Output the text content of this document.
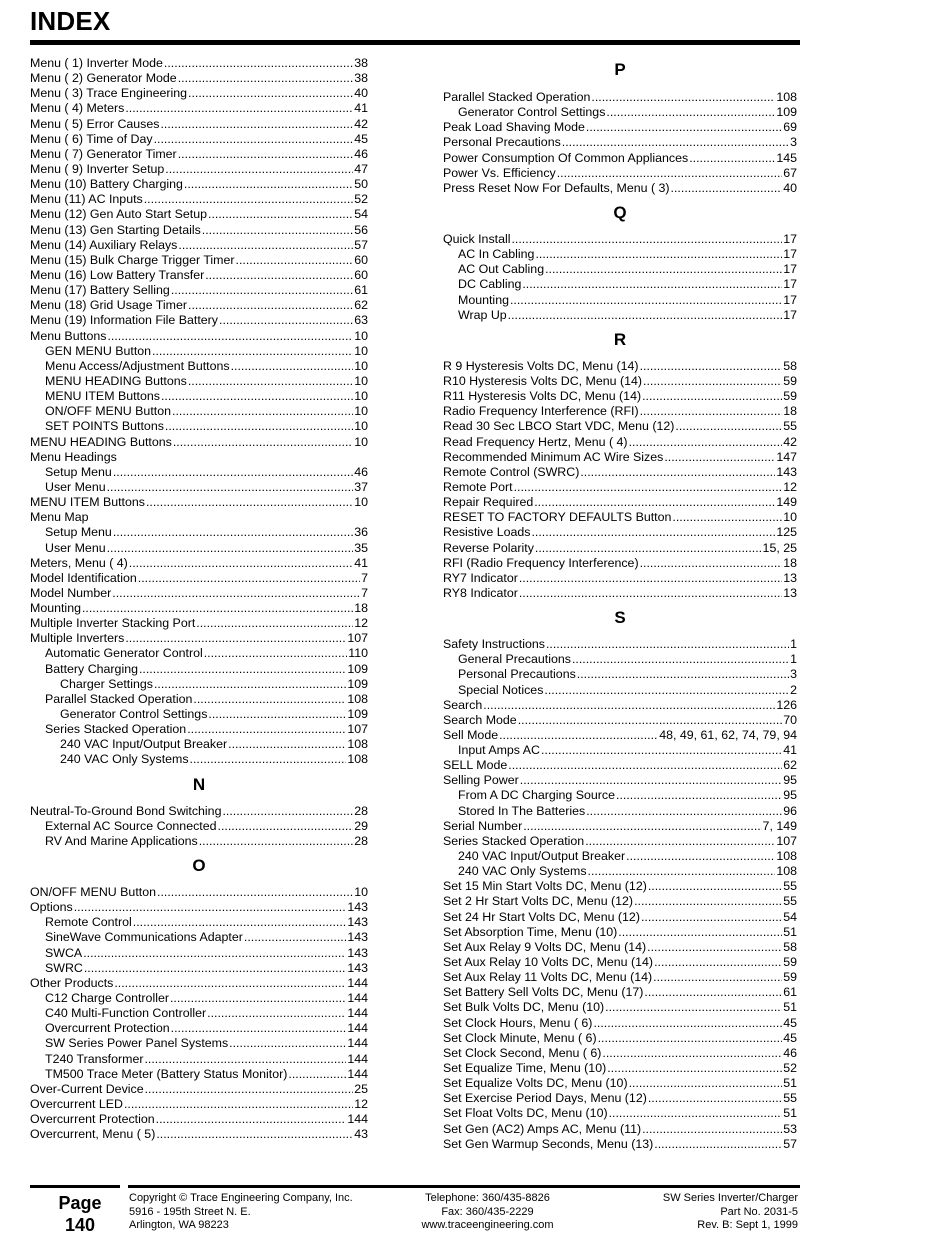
INDEX
Menu ( 1) Inverter Mode .....	38
Menu ( 2) Generator Mode .....	38
Menu ( 3) Trace Engineering .....	40
Menu ( 4) Meters .....	41
Menu ( 5) Error Causes .....	42
Menu ( 6) Time of Day .....	45
Menu ( 7) Generator Timer .....	46
Menu ( 9) Inverter Setup .....	47
Menu (10) Battery Charging .....	50
Menu (11) AC Inputs .....	52
Menu (12) Gen Auto Start Setup .....	54
Menu (13) Gen Starting Details .....	56
Menu (14) Auxiliary Relays .....	57
Menu (15) Bulk Charge Trigger Timer .....	60
Menu (16) Low Battery Transfer .....	60
Menu (17) Battery Selling .....	61
Menu (18) Grid Usage Timer .....	62
Menu (19) Information File Battery .....	63
Menu Buttons .....	10
GEN MENU Button .....	10
Menu Access/Adjustment Buttons .....	10
MENU HEADING Buttons .....	10
MENU ITEM Buttons .....	10
ON/OFF MENU Button .....	10
SET POINTS Buttons .....	10
MENU HEADING Buttons .....	10
Menu Headings
Setup Menu .....	46
User Menu .....	37
MENU ITEM Buttons .....	10
Menu Map
Setup Menu .....	36
User Menu .....	35
Meters, Menu ( 4) .....	41
Model Identification .....	7
Model Number .....	7
Mounting .....	18
Multiple Inverter Stacking Port .....	12
Multiple Inverters .....	107
Automatic Generator Control .....	110
Battery Charging .....	109
Charger Settings .....	109
Parallel Stacked Operation .....	108
Generator Control Settings .....	109
Series Stacked Operation .....	107
240 VAC Input/Output Breaker .....	108
240 VAC Only Systems .....	108
N
Neutral-To-Ground Bond Switching .....	28
External AC Source Connected .....	29
RV And Marine Applications .....	28
O
ON/OFF MENU Button .....	10
Options .....	143
Remote Control .....	143
SineWave Communications Adapter .....	143
SWCA .....	143
SWRC .....	143
Other Products .....	144
C12 Charge Controller .....	144
C40 Multi-Function Controller .....	144
Overcurrent Protection .....	144
SW Series Power Panel Systems .....	144
T240 Transformer .....	144
TM500 Trace Meter (Battery Status Monitor) .....	144
Over-Current Device .....	25
Overcurrent LED .....	12
Overcurrent Protection .....	144
Overcurrent, Menu ( 5) .....	43
P
Parallel Stacked Operation .....	108
Generator Control Settings .....	109
Peak Load Shaving Mode .....	69
Personal Precautions .....	3
Power Consumption Of Common Appliances .....	145
Power Vs. Efficiency .....	67
Press Reset Now For Defaults, Menu ( 3) .....	40
Q
Quick Install .....	17
AC In Cabling .....	17
AC Out Cabling .....	17
DC Cabling .....	17
Mounting .....	17
Wrap Up .....	17
R
R 9 Hysteresis Volts DC, Menu (14) .....	58
R10 Hysteresis Volts DC, Menu (14) .....	59
R11 Hysteresis Volts DC, Menu (14) .....	59
Radio Frequency Interference (RFI) .....	18
Read 30 Sec LBCO Start VDC, Menu (12) .....	55
Read Frequency Hertz, Menu ( 4) .....	42
Recommended Minimum AC Wire Sizes .....	147
Remote Control (SWRC) .....	143
Remote Port .....	12
Repair Required .....	149
RESET TO FACTORY DEFAULTS Button .....	10
Resistive Loads .....	125
Reverse Polarity .....	15, 25
RFI (Radio Frequency Interference) .....	18
RY7 Indicator .....	13
RY8 Indicator .....	13
S
Safety Instructions .....	1
General Precautions .....	1
Personal Precautions .....	3
Special Notices .....	2
Search .....	126
Search Mode .....	70
Sell Mode .....	48, 49, 61, 62, 74, 79, 94
Input Amps AC .....	41
SELL Mode .....	62
Selling Power .....	95
From A DC Charging Source .....	95
Stored In The Batteries .....	96
Serial Number .....	7, 149
Series Stacked Operation .....	107
240 VAC Input/Output Breaker .....	108
240 VAC Only Systems .....	108
Set 15 Min Start Volts DC, Menu (12) .....	55
Set 2 Hr Start Volts DC, Menu (12) .....	55
Set 24 Hr Start Volts DC, Menu (12) .....	54
Set Absorption Time, Menu (10) .....	51
Set Aux Relay 9 Volts DC, Menu (14) .....	58
Set Aux Relay 10 Volts DC, Menu (14) .....	59
Set Aux Relay 11 Volts DC, Menu (14) .....	59
Set Battery Sell Volts DC, Menu (17) .....	61
Set Bulk Volts DC, Menu (10) .....	51
Set Clock Hours, Menu ( 6) .....	45
Set Clock Minute, Menu ( 6) .....	45
Set Clock Second, Menu ( 6) .....	46
Set Equalize Time, Menu (10) .....	52
Set Equalize Volts DC, Menu (10) .....	51
Set Exercise Period Days, Menu (12) .....	55
Set Float Volts DC, Menu (10) .....	51
Set Gen (AC2) Amps AC, Menu (11) .....	53
Set Gen Warmup Seconds, Menu (13) .....	57
Page
140
Copyright © Trace Engineering Company, Inc.
5916 - 195th Street N. E.
Arlington, WA 98223
Telephone: 360/435-8826
Fax: 360/435-2229
www.traceengineering.com
SW Series Inverter/Charger
Part No. 2031-5
Rev. B: Sept 1, 1999
